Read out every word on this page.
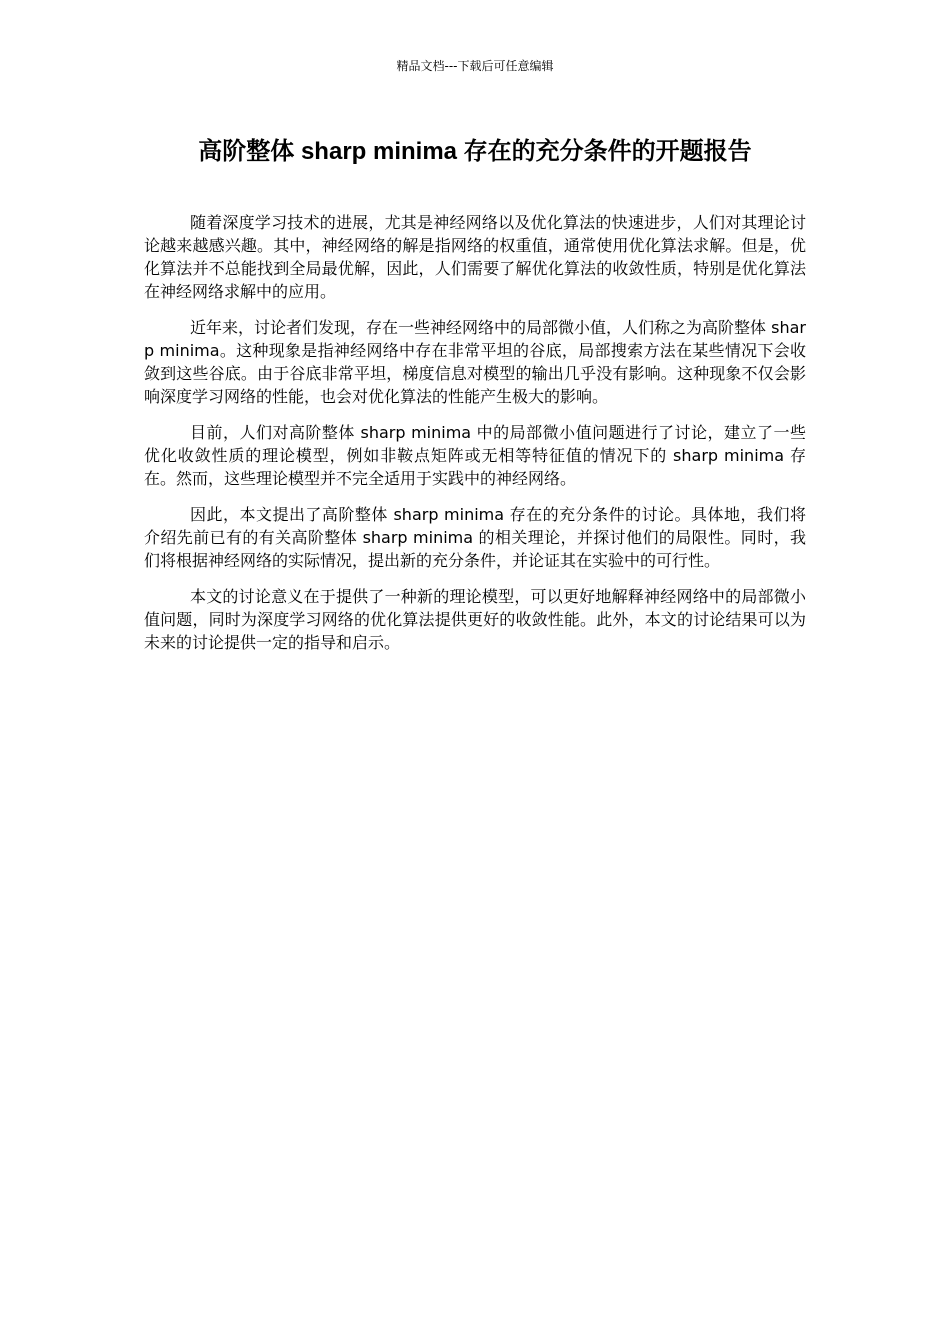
精品文档---下载后可任意编辑
高阶整体 sharp minima 存在的充分条件的开题报告

随着深度学习技术的进展，尤其是神经网络以及优化算法的快速进步，人们对其理论讨论越来越感兴趣。其中，神经网络的解是指网络的权重值，通常使用优化算法求解。但是，优化算法并不总能找到全局最优解，因此，人们需要了解优化算法的收敛性质，特别是优化算法在神经网络求解中的应用。

近年来，讨论者们发现，存在一些神经网络中的局部微小值，人们称之为高阶整体 sharp minima。这种现象是指神经网络中存在非常平坦的谷底，局部搜索方法在某些情况下会收敛到这些谷底。由于谷底非常平坦，梯度信息对模型的输出几乎没有影响。这种现象不仅会影响深度学习网络的性能，也会对优化算法的性能产生极大的影响。

目前，人们对高阶整体 sharp minima 中的局部微小值问题进行了讨论，建立了一些优化收敛性质的理论模型，例如非鞍点矩阵或无相等特征值的情况下的 sharp minima 存在。然而，这些理论模型并不完全适用于实践中的神经网络。

因此，本文提出了高阶整体 sharp minima 存在的充分条件的讨论。具体地，我们将介绍先前已有的有关高阶整体 sharp minima 的相关理论，并探讨他们的局限性。同时，我们将根据神经网络的实际情况，提出新的充分条件，并论证其在实验中的可行性。

本文的讨论意义在于提供了一种新的理论模型，可以更好地解释神经网络中的局部微小值问题，同时为深度学习网络的优化算法提供更好的收敛性能。此外，本文的讨论结果可以为未来的讨论提供一定的指导和启示。
